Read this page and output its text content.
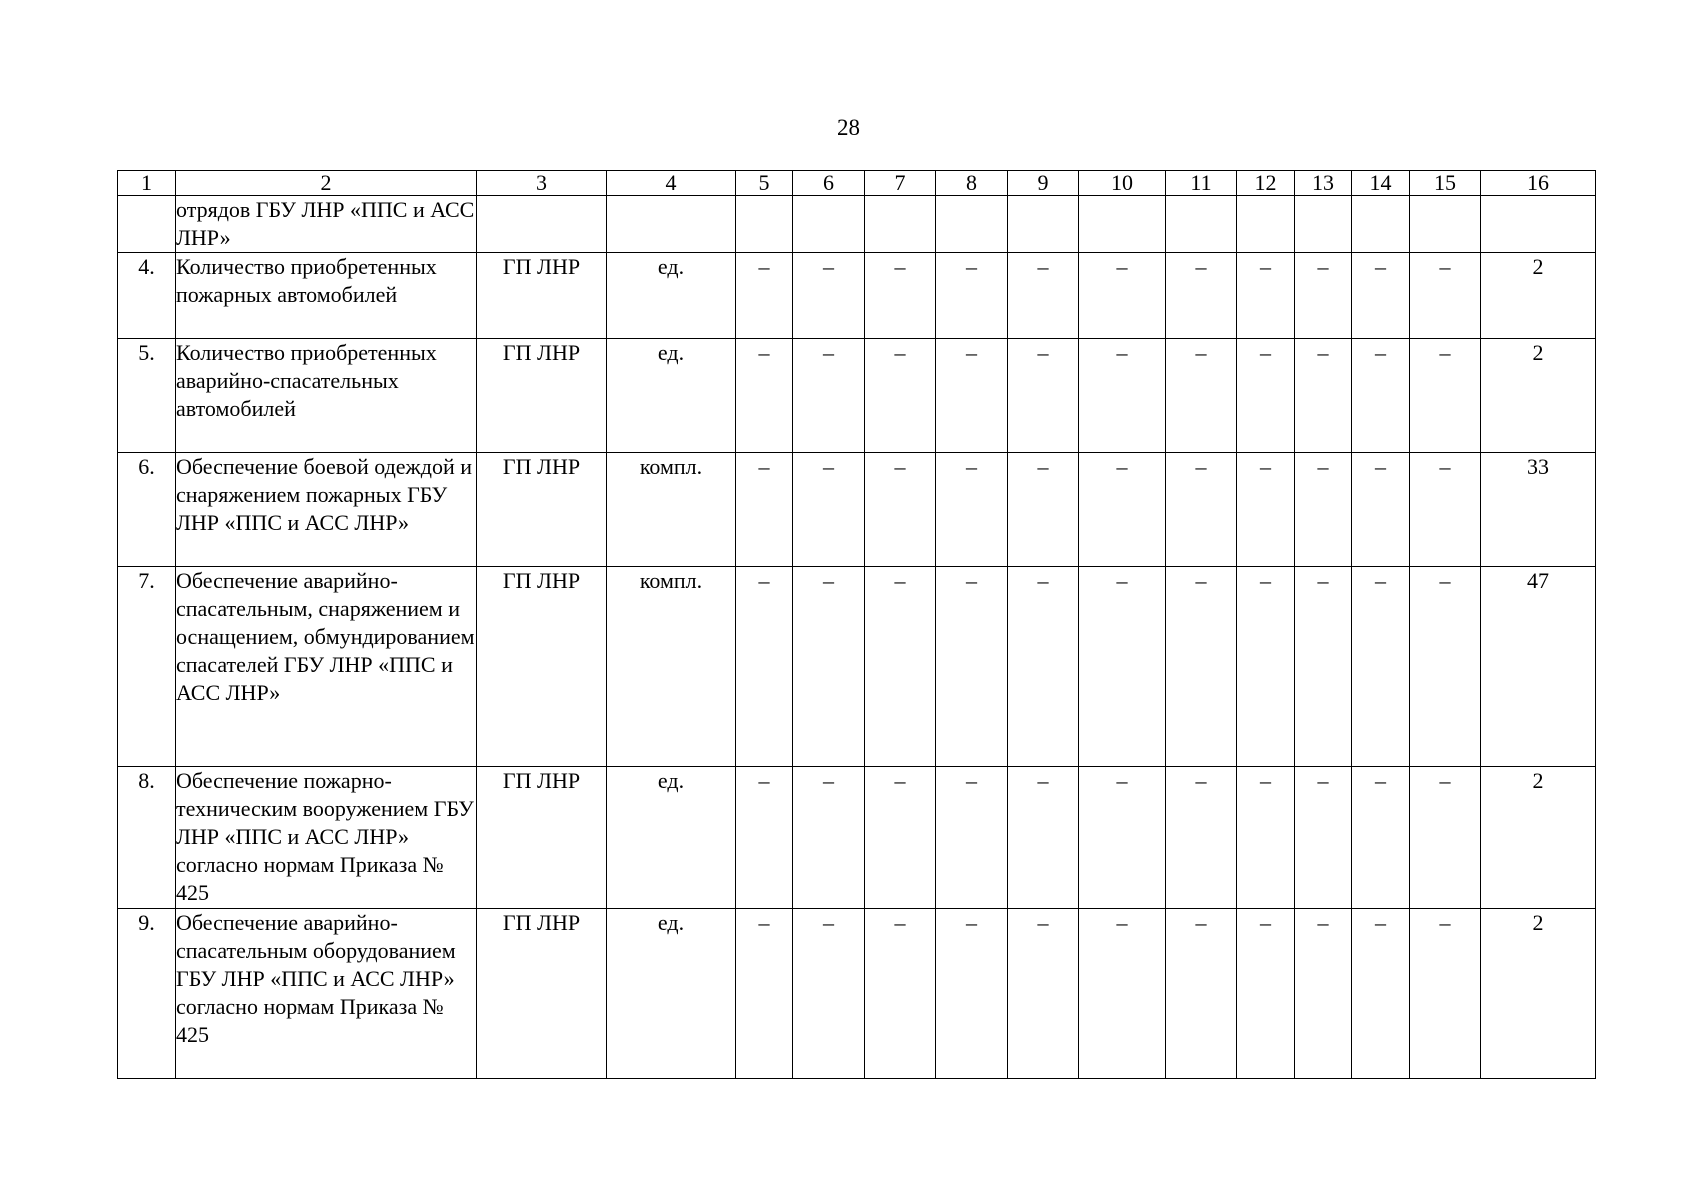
28
1	2	3	4	5	6	7	8	9	10	11	12	13	14	15	16
	отрядов ГБУ ЛНР «ППС и АСС ЛНР»														
4.	Количество приобретенных пожарных автомобилей	ГП ЛНР	ед.	–	–	–	–	–	–	–	–	–	–	–	2
5.	Количество приобретенных аварийно-спасательных автомобилей	ГП ЛНР	ед.	–	–	–	–	–	–	–	–	–	–	–	2
6.	Обеспечение боевой одеждой и снаряжением пожарных ГБУ ЛНР «ППС и АСС ЛНР»	ГП ЛНР	компл.	–	–	–	–	–	–	–	–	–	–	–	33
7.	Обеспечение аварийно-спасательным, снаряжением и оснащением, обмундированием спасателей ГБУ ЛНР «ППС и АСС ЛНР»	ГП ЛНР	компл.	–	–	–	–	–	–	–	–	–	–	–	47
8.	Обеспечение пожарно-техническим вооружением ГБУ ЛНР «ППС и АСС ЛНР» согласно нормам Приказа № 425	ГП ЛНР	ед.	–	–	–	–	–	–	–	–	–	–	–	2
9.	Обеспечение аварийно-спасательным оборудованием ГБУ ЛНР «ППС и АСС ЛНР» согласно нормам Приказа № 425	ГП ЛНР	ед.	–	–	–	–	–	–	–	–	–	–	–	2
